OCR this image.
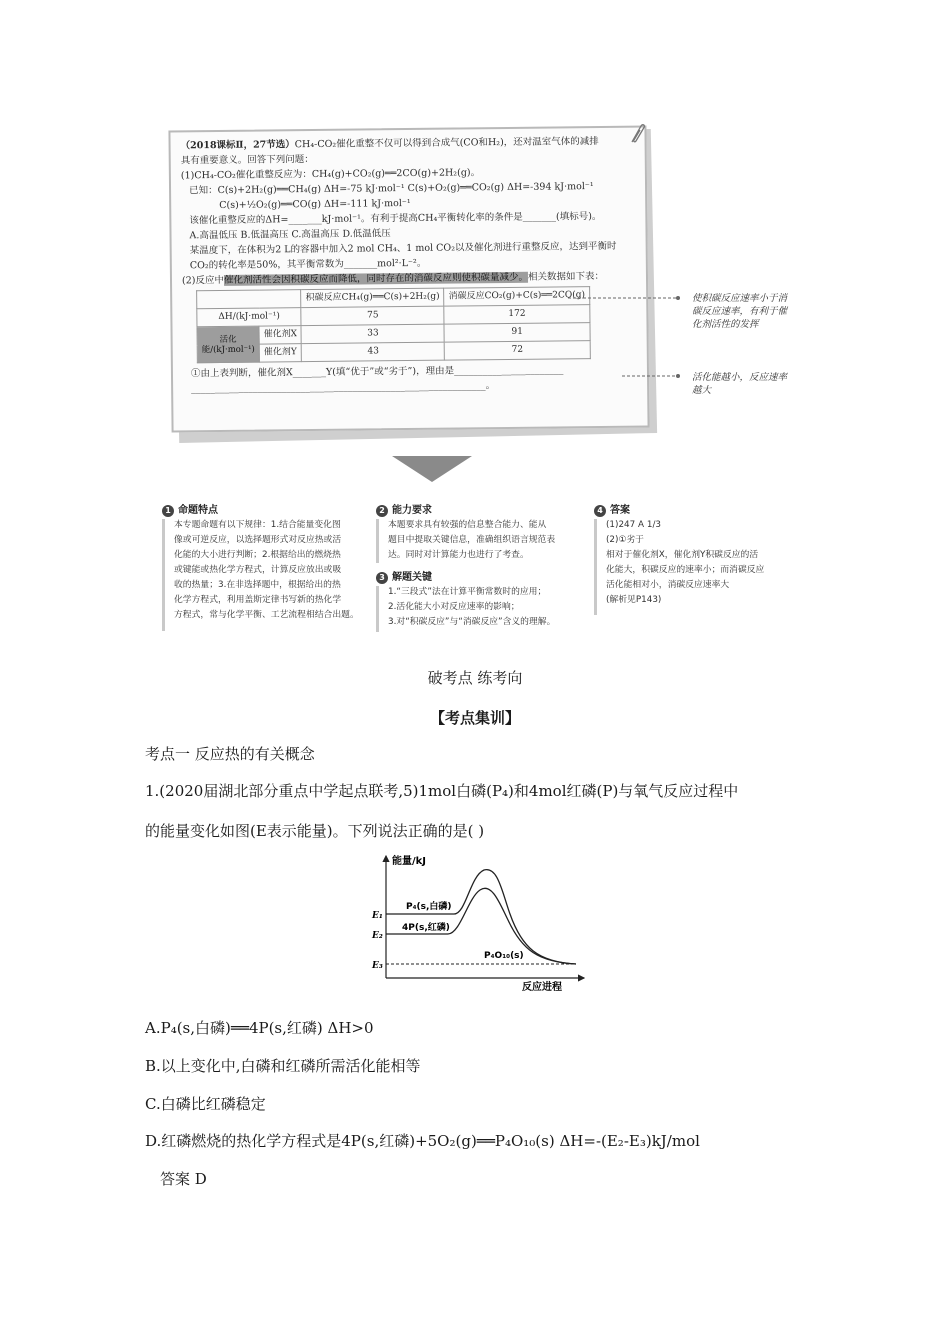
（2018课标Ⅱ，27节选）CH₄-CO₂催化重整不仅可以得到合成气(CO和H₂)，还对温室气体的减排
具有重要意义。回答下列问题：
(1)CH₄-CO₂催化重整反应为：CH₄(g)+CO₂(g)══2CO(g)+2H₂(g)。
已知：C(s)+2H₂(g)══CH₄(g) ΔH=-75 kJ·mol⁻¹ C(s)+O₂(g)══CO₂(g) ΔH=-394 kJ·mol⁻¹
C(s)+½O₂(g)══CO(g) ΔH=-111 kJ·mol⁻¹
该催化重整反应的ΔH=_______kJ·mol⁻¹。有利于提高CH₄平衡转化率的条件是_______(填标号)。
A.高温低压 B.低温高压 C.高温高压 D.低温低压
某温度下，在体积为2 L的容器中加入2 mol CH₄、1 mol CO₂以及催化剂进行重整反应，达到平衡时
CO₂的转化率是50%，其平衡常数为_______mol²·L⁻²。
(2)反应中催化剂活性会因积碳反应而降低，同时存在的消碳反应则使积碳量减少。相关数据如下表：
		积碳反应CH₄(g)══C(s)+2H₂(g)	消碳反应CO₂(g)+C(s)══2CO(g)
ΔH/(kJ·mol⁻¹)		75	172
活化能/(kJ·mol⁻¹)	催化剂X	33	91
	催化剂Y	43	72
①由上表判断，催化剂X_______Y(填“优于”或“劣于”)，理由是_______________________
______________________________________________________________。
使积碳反应速率小于消碳反应速率，有利于催化剂活性的发挥
活化能越小，反应速率越大
1 命题特点

本专题命题有以下规律：1.结合能量变化图

像或可逆反应，以选择题形式对反应热或活

化能的大小进行判断；2.根据给出的燃烧热

或键能或热化学方程式，计算反应放出或吸

收的热量；3.在非选择题中，根据给出的热

化学方程式，利用盖斯定律书写新的热化学

方程式，常与化学平衡、工艺流程相结合出题。

2 能力要求

本题要求具有较强的信息整合能力、能从

题目中提取关键信息，准确组织语言规范表

达。同时对计算能力也进行了考查。

3 解题关键

1.“三段式”法在计算平衡常数时的应用；

2.活化能大小对反应速率的影响；

3.对“积碳反应”与“消碳反应”含义的理解。

4 答案

(1)247 A 1/3

(2)①劣于

相对于催化剂X，催化剂Y积碳反应的活

化能大，积碳反应的速率小；而消碳反应

活化能相对小，消碳反应速率大

(解析见P143)

破考点 练考向
【考点集训】
考点一 反应热的有关概念
1.(2020届湖北部分重点中学起点联考,5)1mol白磷(P₄)和4mol红磷(P)与氧气反应过程中
的能量变化如图(E表示能量)。下列说法正确的是( )
能量/kJ
反应进程
E₁
E₂
E₃
P₄(s,白磷)
4P(s,红磷)
P₄O₁₀(s)
A.P₄(s,白磷)══4P(s,红磷) ΔH>0
B.以上变化中,白磷和红磷所需活化能相等
C.白磷比红磷稳定
D.红磷燃烧的热化学方程式是4P(s,红磷)+5O₂(g)══P₄O₁₀(s) ΔH=-(E₂-E₃)kJ/mol
答案 D
